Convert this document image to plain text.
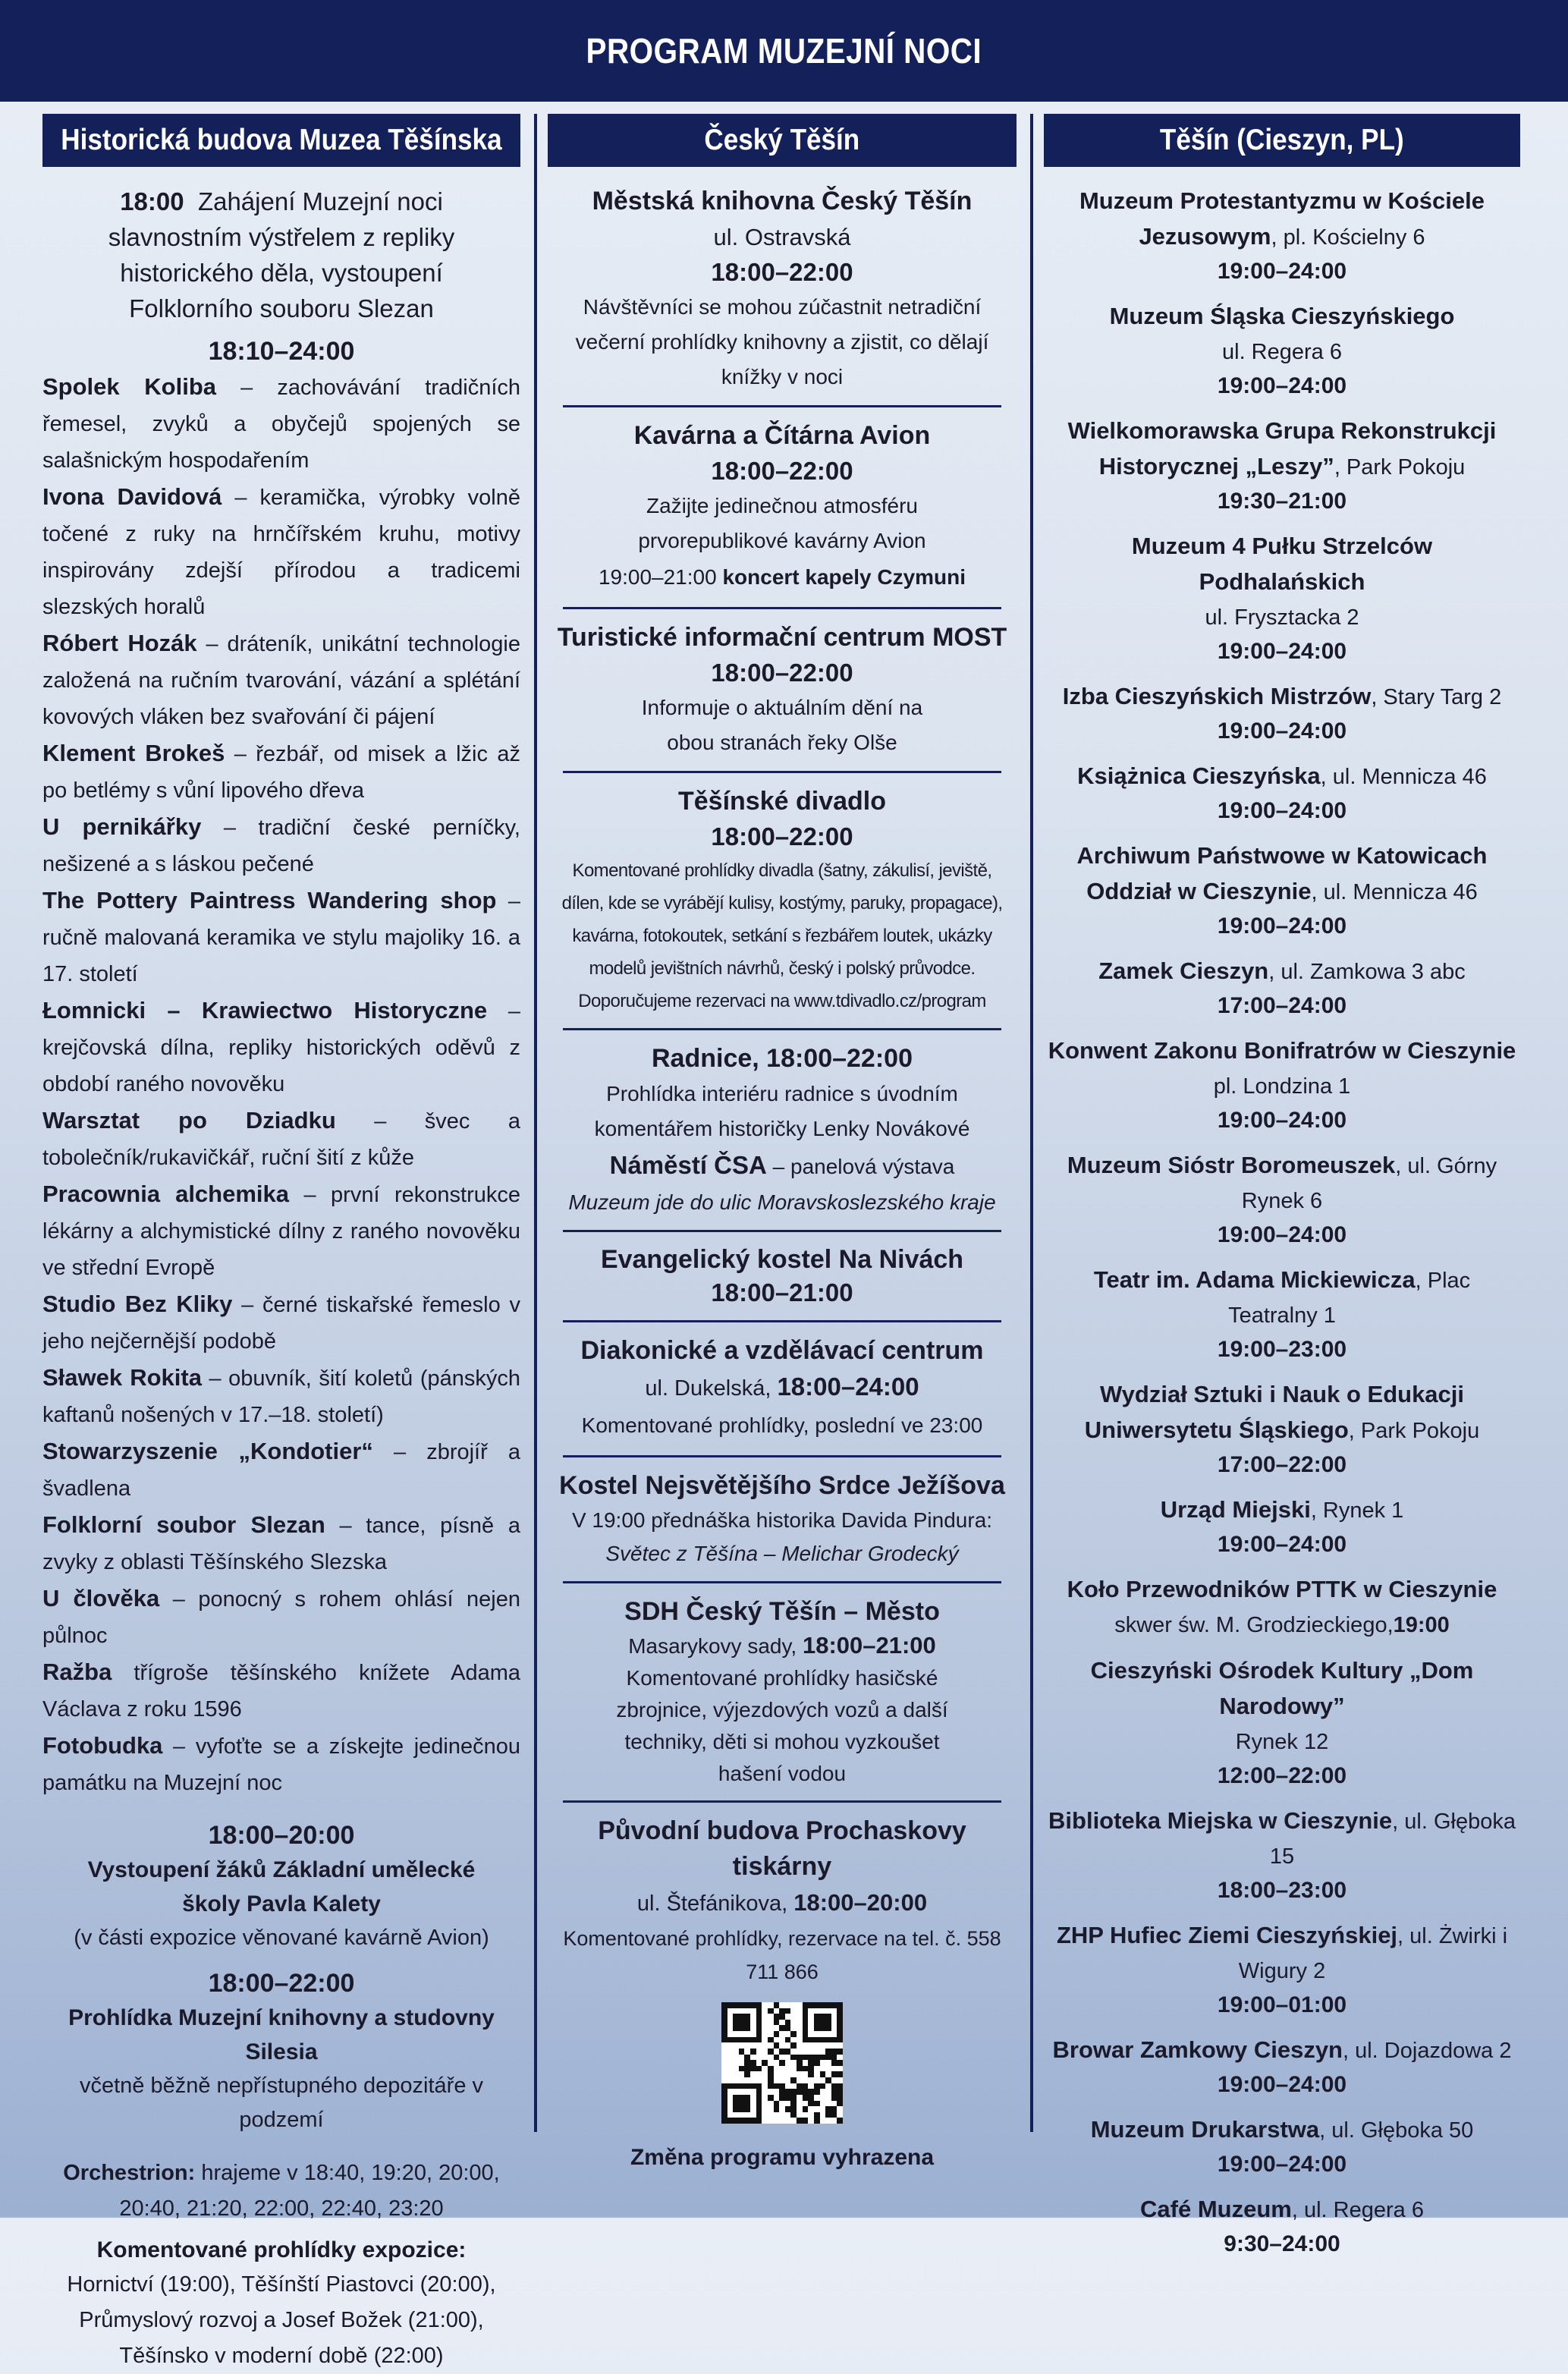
PROGRAM MUZEJNÍ NOCI
Historická budova Muzea Těšínska
18:00 Zahájení Muzejní noci slavnostním výstřelem z repliky historického děla, vystoupení Folklorního souboru Slezan
18:10–24:00
Spolek Koliba – zachovávání tradičních řemesel, zvyků a obyčejů spojených se salašnickým hospodařením
Ivona Davidová – keramička, výrobky volně točené z ruky na hrnčířském kruhu, motivy inspirovány zdejší přírodou a tradicemi slezských horalů
Róbert Hozák – dráteník, unikátní technologie založená na ručním tvarování, vázání a splétání kovových vláken bez svařování či pájení
Klement Brokeš – řezbář, od misek a lžic až po betlémy s vůní lipového dřeva
U pernikářky – tradiční české perníčky, nešizené a s láskou pečené
The Pottery Paintress Wandering shop – ručně malovaná keramika ve stylu majoliky 16. a 17. století
Łomnicki – Krawiectwo Historyczne – krejčovská dílna, repliky historických oděvů z období raného novověku
Warsztat po Dziadku – švec a tobolečník/rukavičkář, ruční šití z kůže
Pracownia alchemika – první rekonstrukce lékárny a alchymistické dílny z raného novověku ve střední Evropě
Studio Bez Kliky – černé tiskařské řemeslo v jeho nejčernější podobě
Sławek Rokita – obuvník, šití koletů (pánských kaftanů nošených v 17.–18. století)
Stowarzyszenie „Kondotier“ – zbrojíř a švadlena
Folklorní soubor Slezan – tance, písně a zvyky z oblasti Těšínského Slezska
U člověka – ponocný s rohem ohlásí nejen půlnoc
Ražba třígroše těšínského knížete Adama Václava z roku 1596
Fotobudka – vyfoťte se a získejte jedinečnou památku na Muzejní noc
18:00–20:00
Vystoupení žáků Základní umělecké školy Pavla Kalety
(v části expozice věnované kavárně Avion)
18:00–22:00
Prohlídka Muzejní knihovny a studovny Silesia
včetně běžně nepřístupného depozitáře v podzemí
Orchestrion: hrajeme v 18:40, 19:20, 20:00, 20:40, 21:20, 22:00, 22:40, 23:20
Komentované prohlídky expozice:
Hornictví (19:00), Těšínští Piastovci (20:00), Průmyslový rozvoj a Josef Božek (21:00), Těšínsko v moderní době (22:00)
Český Těšín
Městská knihovna Český Těšín
ul. Ostravská
18:00–22:00
Návštěvníci se mohou zúčastnit netradiční večerní prohlídky knihovny a zjistit, co dělají knížky v noci
Kavárna a Čítárna Avion
18:00–22:00
Zažijte jedinečnou atmosféru prvorepublikové kavárny Avion
19:00–21:00 koncert kapely Czymuni
Turistické informační centrum MOST
18:00–22:00
Informuje o aktuálním dění na obou stranách řeky Olše
Těšínské divadlo
18:00–22:00
Komentované prohlídky divadla (šatny, zákulisí, jeviště, dílen, kde se vyrábějí kulisy, kostýmy, paruky, propagace), kavárna, fotokoutek, setkání s řezbářem loutek, ukázky modelů jevištních návrhů, český i polský průvodce. Doporučujeme rezervaci na www.tdivadlo.cz/program
Radnice, 18:00–22:00
Prohlídka interiéru radnice s úvodním komentářem historičky Lenky Novákové
Náměstí ČSA – panelová výstava
Muzeum jde do ulic Moravskoslezského kraje
Evangelický kostel Na Nivách
18:00–21:00
Diakonické a vzdělávací centrum
ul. Dukelská, 18:00–24:00
Komentované prohlídky, poslední ve 23:00
Kostel Nejsvětějšího Srdce Ježíšova
V 19:00 přednáška historika Davida Pindura:
Světec z Těšína – Melichar Grodecký
SDH Český Těšín – Město
Masarykovy sady, 18:00–21:00
Komentované prohlídky hasičské zbrojnice, výjezdových vozů a další techniky, děti si mohou vyzkoušet hašení vodou
Původní budova Prochaskovy tiskárny
ul. Štefánikova, 18:00–20:00
Komentované prohlídky, rezervace na tel. č. 558 711 866
Změna programu vyhrazena
Těšín (Cieszyn, PL)
Muzeum Protestantyzmu w Kościele Jezusowym, pl. Kościelny 6
19:00–24:00
Muzeum Śląska Cieszyńskiego
ul. Regera 6
19:00–24:00
Wielkomorawska Grupa Rekonstrukcji Historycznej „Leszy”, Park Pokoju
19:30–21:00
Muzeum 4 Pułku Strzelców Podhalańskich
ul. Frysztacka 2
19:00–24:00
Izba Cieszyńskich Mistrzów, Stary Targ 2
19:00–24:00
Książnica Cieszyńska, ul. Mennicza 46
19:00–24:00
Archiwum Państwowe w Katowicach Oddział w Cieszynie, ul. Mennicza 46
19:00–24:00
Zamek Cieszyn, ul. Zamkowa 3 abc
17:00–24:00
Konwent Zakonu Bonifratrów w Cieszynie
pl. Londzina 1
19:00–24:00
Muzeum Sióstr Boromeuszek, ul. Górny Rynek 6
19:00–24:00
Teatr im. Adama Mickiewicza, Plac Teatralny 1
19:00–23:00
Wydział Sztuki i Nauk o Edukacji Uniwersytetu Śląskiego, Park Pokoju
17:00–22:00
Urząd Miejski, Rynek 1
19:00–24:00
Koło Przewodników PTTK w Cieszynie
skwer św. M. Grodzieckiego,19:00
Cieszyński Ośrodek Kultury „Dom Narodowy”
Rynek 12
12:00–22:00
Biblioteka Miejska w Cieszynie, ul. Głęboka 15
18:00–23:00
ZHP Hufiec Ziemi Cieszyńskiej, ul. Żwirki i Wigury 2
19:00–01:00
Browar Zamkowy Cieszyn, ul. Dojazdowa 2
19:00–24:00
Muzeum Drukarstwa, ul. Głęboka 50
19:00–24:00
Café Muzeum, ul. Regera 6
9:30–24:00
